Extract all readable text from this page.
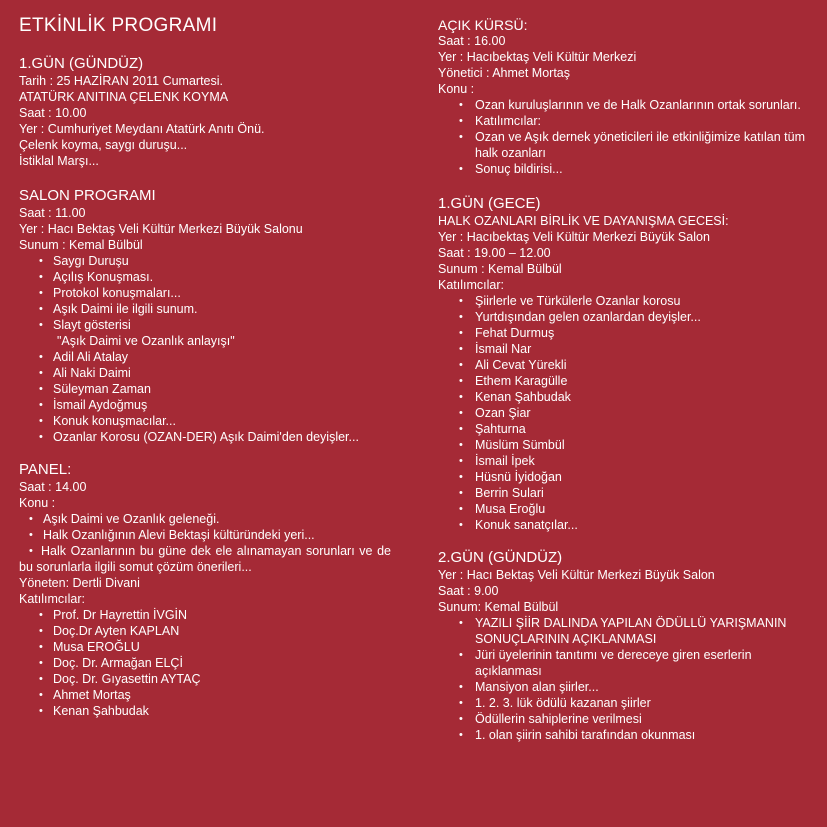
ETKİNLİK PROGRAMI
1.GÜN (GÜNDÜZ)
Tarih : 25 HAZİRAN 2011 Cumartesi.
ATATÜRK ANITINA ÇELENK KOYMA
Saat : 10.00
Yer : Cumhuriyet Meydanı Atatürk Anıtı Önü.
Çelenk koyma, saygı duruşu...
İstiklal Marşı...
SALON PROGRAMI
Saat : 11.00
Yer : Hacı Bektaş Veli Kültür Merkezi Büyük Salonu
Sunum : Kemal Bülbül
• Saygı Duruşu
• Açılış Konuşması.
• Protokol konuşmaları...
• Aşık Daimi ile ilgili sunum.
• Slayt gösterisi
"Aşık Daimi ve Ozanlık anlayışı"
• Adil Ali Atalay
• Ali Naki Daimi
• Süleyman Zaman
• İsmail Aydoğmuş
• Konuk konuşmacılar...
• Ozanlar Korosu (OZAN-DER) Aşık Daimi'den deyişler...
PANEL:
Saat : 14.00
Konu :
• Aşık Daimi ve Ozanlık geleneği.
• Halk Ozanlığının Alevi Bektaşi kültüründeki yeri...
• Halk Ozanlarının bu güne dek ele alınamayan sorunları ve de bu sorunlarla ilgili somut çözüm önerileri...
Yöneten: Dertli Divani
Katılımcılar:
• Prof. Dr Hayrettin İVGİN
• Doç.Dr Ayten KAPLAN
• Musa EROĞLU
• Doç. Dr. Armağan ELÇİ
• Doç. Dr. Gıyasettin AYTAÇ
• Ahmet Mortaş
• Kenan Şahbudak
AÇIK KÜRSÜ:
Saat : 16.00
Yer : Hacıbektaş Veli Kültür Merkezi
Yönetici : Ahmet Mortaş
Konu :
• Ozan kuruluşlarının ve de Halk Ozanlarının ortak sorunları.
• Katılımcılar:
• Ozan ve Aşık dernek yöneticileri ile etkinliğimize katılan tüm halk ozanları
• Sonuç bildirisi...
1.GÜN (GECE)
HALK OZANLARI BİRLİK VE DAYANIŞMA GECESİ:
Yer : Hacıbektaş Veli Kültür Merkezi Büyük Salon
Saat : 19.00 – 12.00
Sunum : Kemal Bülbül
Katılımcılar:
• Şiirlerle ve Türkülerle Ozanlar korosu
• Yurtdışından gelen ozanlardan deyişler...
• Fehat Durmuş
• İsmail Nar
• Ali Cevat Yürekli
• Ethem Karagülle
• Kenan Şahbudak
• Ozan Şiar
• Şahturna
• Müslüm Sümbül
• İsmail İpek
• Hüsnü İyidoğan
• Berrin Sulari
• Musa Eroğlu
• Konuk sanatçılar...
2.GÜN (GÜNDÜZ)
Yer : Hacı Bektaş Veli Kültür Merkezi Büyük Salon
Saat : 9.00
Sunum: Kemal Bülbül
• YAZILI ŞİİR DALINDA YAPILAN ÖDÜLLÜ YARIŞMANIN SONUÇLARININ AÇIKLANMASI
• Jüri üyelerinin tanıtımı ve dereceye giren eserlerin açıklanması
• Mansiyon alan şiirler...
• 1. 2. 3. lük ödülü kazanan şiirler
• Ödüllerin sahiplerine verilmesi
• 1. olan şiirin sahibi tarafından okunması
